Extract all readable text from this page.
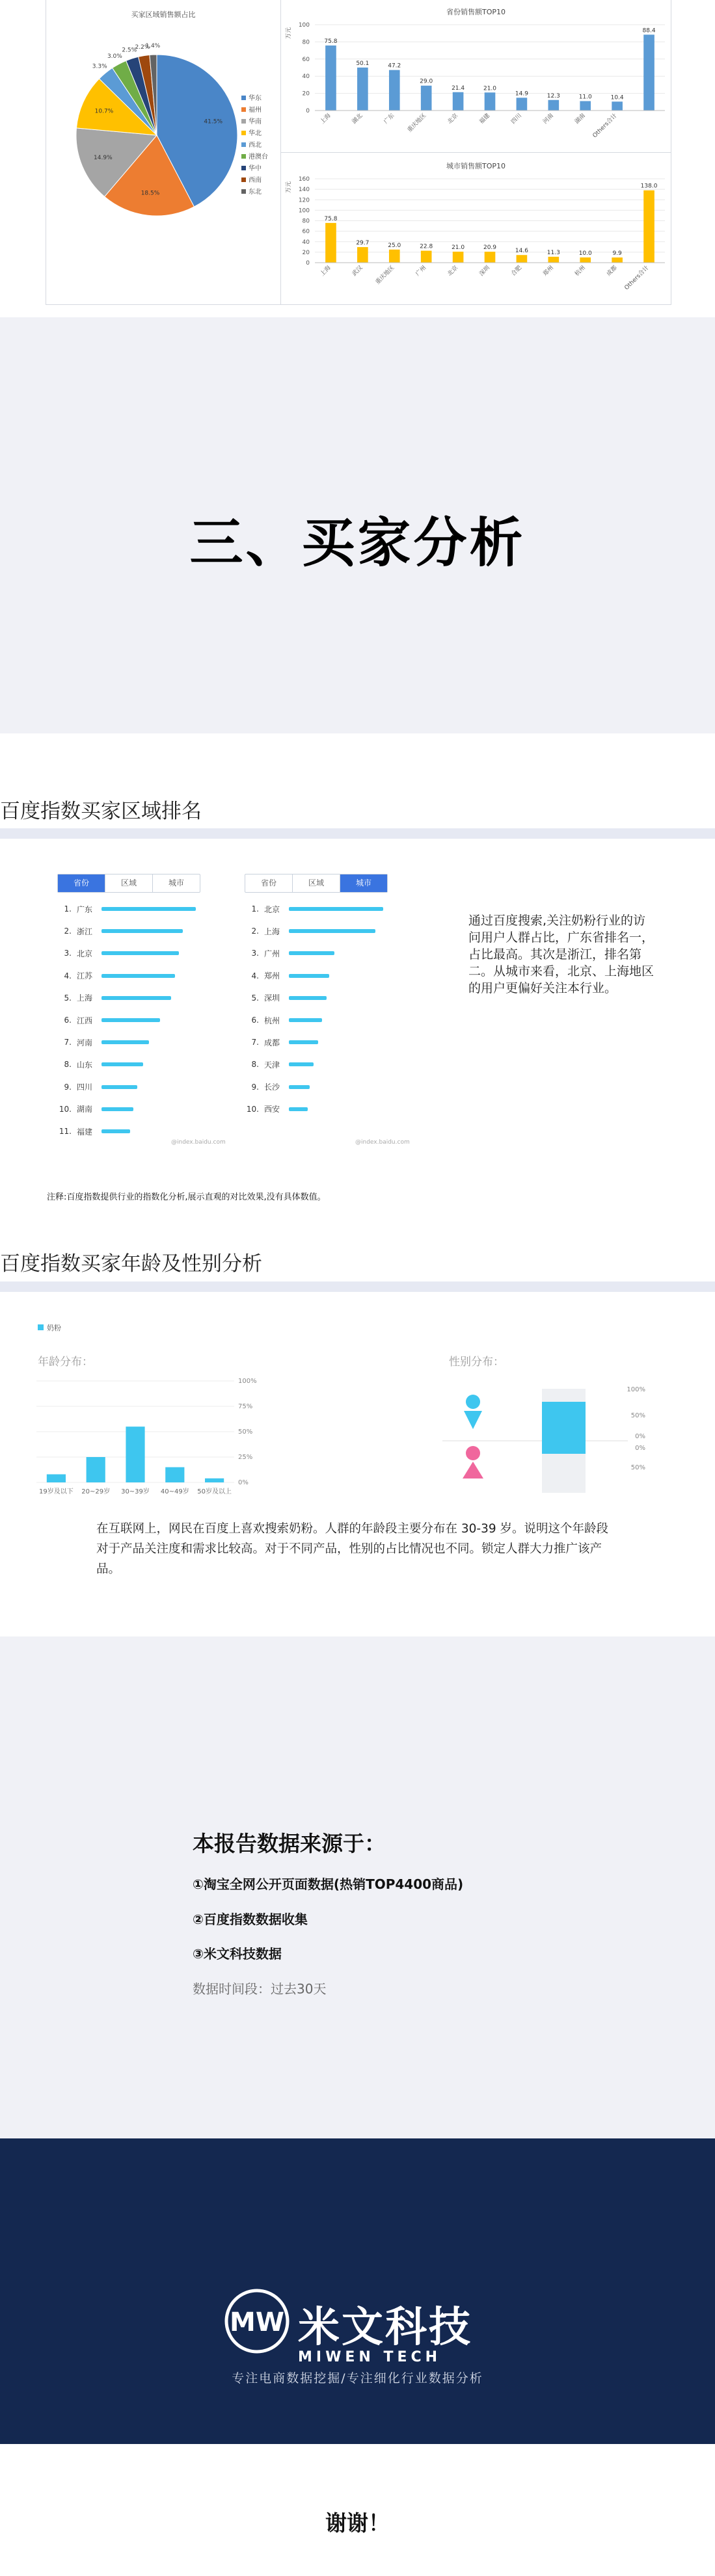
买家区域销售额占比
41.5%
18.5%
14.9%
10.7%
3.3%
3.0%
2.5%
2.2%
1.4%
华东
福州
华南
华北
西北
港澳台
华中
西南
东北
省份销售额TOP10
100
80
60
40
20
0
万元
75.8
上海
50.1
湖北
47.2
广东
29.0
重庆地区
21.4
北京
21.0
福建
14.9
四川
12.3
河南
11.0
湖南
10.4
Others合计
88.4
城市销售额TOP10
160
140
120
100
80
60
40
20
0
万元
75.8
上海
29.7
武汉
25.0
重庆地区
22.8
广州
21.0
北京
20.9
深圳
14.6
合肥
11.3
郑州
10.0
杭州
9.9
成都
138.0
Others合计
三、买家分析
百度指数买家区域排名
省份	区域	城市
1. 广东
2. 浙江
3. 北京
4. 江苏
5. 上海
6. 江西
7. 河南
8. 山东
9. 四川
10. 湖南
11. 福建
@index.baidu.com
省份	区域	城市
1. 北京
2. 上海
3. 广州
4. 郑州
5. 深圳
6. 杭州
7. 成都
8. 天津
9. 长沙
10. 西安
@index.baidu.com
通过百度搜索,关注奶粉行业的访问用户人群占比，广东省排名一，占比最高。其次是浙江，排名第二。从城市来看，北京、上海地区的用户更偏好关注本行业。
注释:百度指数提供行业的指数化分析,展示直观的对比效果,没有具体数值。
百度指数买家年龄及性别分析
奶粉
年龄分布：
100%
75%
50%
25%
0%
19岁及以下 20~29岁 30~39岁 40~49岁 50岁及以上
性别分布：
100%
50%
0%
0%
50%
在互联网上，网民在百度上喜欢搜索奶粉。人群的年龄段主要分布在 30-39 岁。说明这个年龄段对于产品关注度和需求比较高。对于不同产品，性别的占比情况也不同。锁定人群大力推广该产品。
本报告数据来源于：
①淘宝全网公开页面数据(热销TOP4400商品)
②百度指数数据收集
③米文科技数据
数据时间段：过去30天
MW 米文科技
MIWEN TECH
专注电商数据挖掘/专注细化行业数据分析
谢谢！
